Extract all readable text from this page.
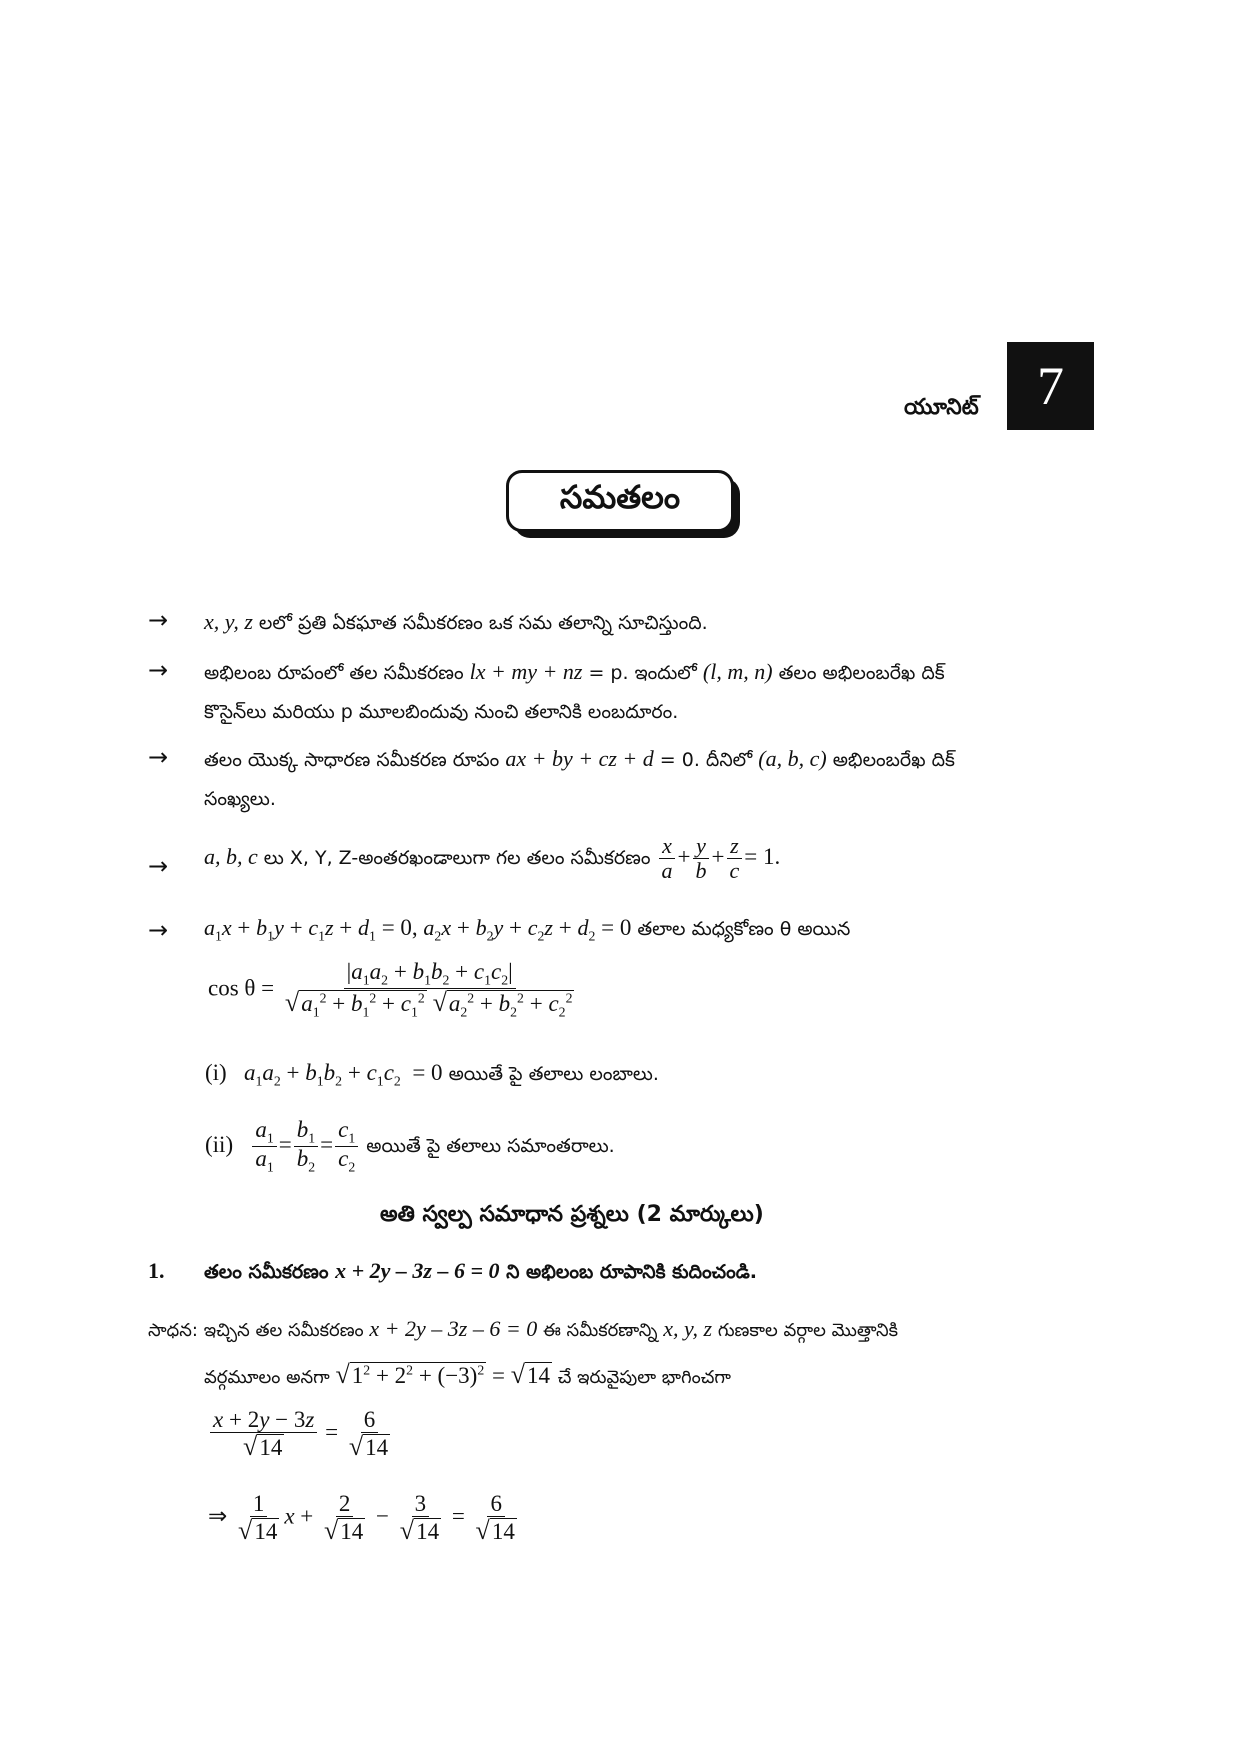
యూనిట్	7
సమతలం
→ x, y, z లలో ప్రతి ఏకఘాత సమీకరణం ఒక సమ తలాన్ని సూచిస్తుంది.
→ అభిలంబ రూపంలో తల సమీకరణం lx + my + nz = p. ఇందులో (l, m, n) తలం అభిలంబరేఖ దిక్
కొసైన్‌లు మరియు p మూలబిందువు నుంచి తలానికి లంబదూరం.
→ తలం యొక్క సాధారణ సమీకరణ రూపం ax + by + cz + d = 0. దీనిలో (a, b, c) అభిలంబరేఖ దిక్
సంఖ్యలు.
→ a, b, c లు X, Y, Z-అంతరఖండాలుగా గల తలం సమీకరణం $\frac{x}{a} + \frac{y}{b} + \frac{z}{c} = 1$.
→ $a_1x + b_1y + c_1z + d_1 = 0$, $a_2x + b_2y + c_2z + d_2 = 0$ తలాల మధ్యకోణం θ అయిన
$\cos \theta = \frac{|a_1a_2 + b_1b_2 + c_1c_2|}{√a_1^2 + b_1^2 + c_1^2 √a_2^2 + b_2^2 + c_2^2}$
(i) $a_1a_2 + b_1b_2 + c_1c_2 = 0$ అయితే పై తలాలు లంబాలు.
$(ii) \frac{a_1}{a_1} = \frac{b_1}{b_2} = \frac{c_1}{c_2}$ అయితే పై తలాలు సమాంతరాలు.
అతి స్వల్ప సమాధాన ప్రశ్నలు (2 మార్కులు)
1. తలం సమీకరణం x + 2y – 3z – 6 = 0 ని అభిలంబ రూపానికి కుదించండి.
సాధన: ఇచ్చిన తల సమీకరణం x + 2y – 3z – 6 = 0 ఈ సమీకరణాన్ని x, y, z గుణకాల వర్గాల మొత్తానికి
వర్గమూలం అనగా $√1^2 + 2^2 + (-3)^2 = √14$ చే ఇరువైపులా భాగించగా
$\frac{x + 2y - 3z}{√14} = \frac{6}{√14}$
⇒ $\frac{1}{√14}$ $x + \frac{2}{√14} - \frac{3}{√14} = \frac{6}{√14}$
